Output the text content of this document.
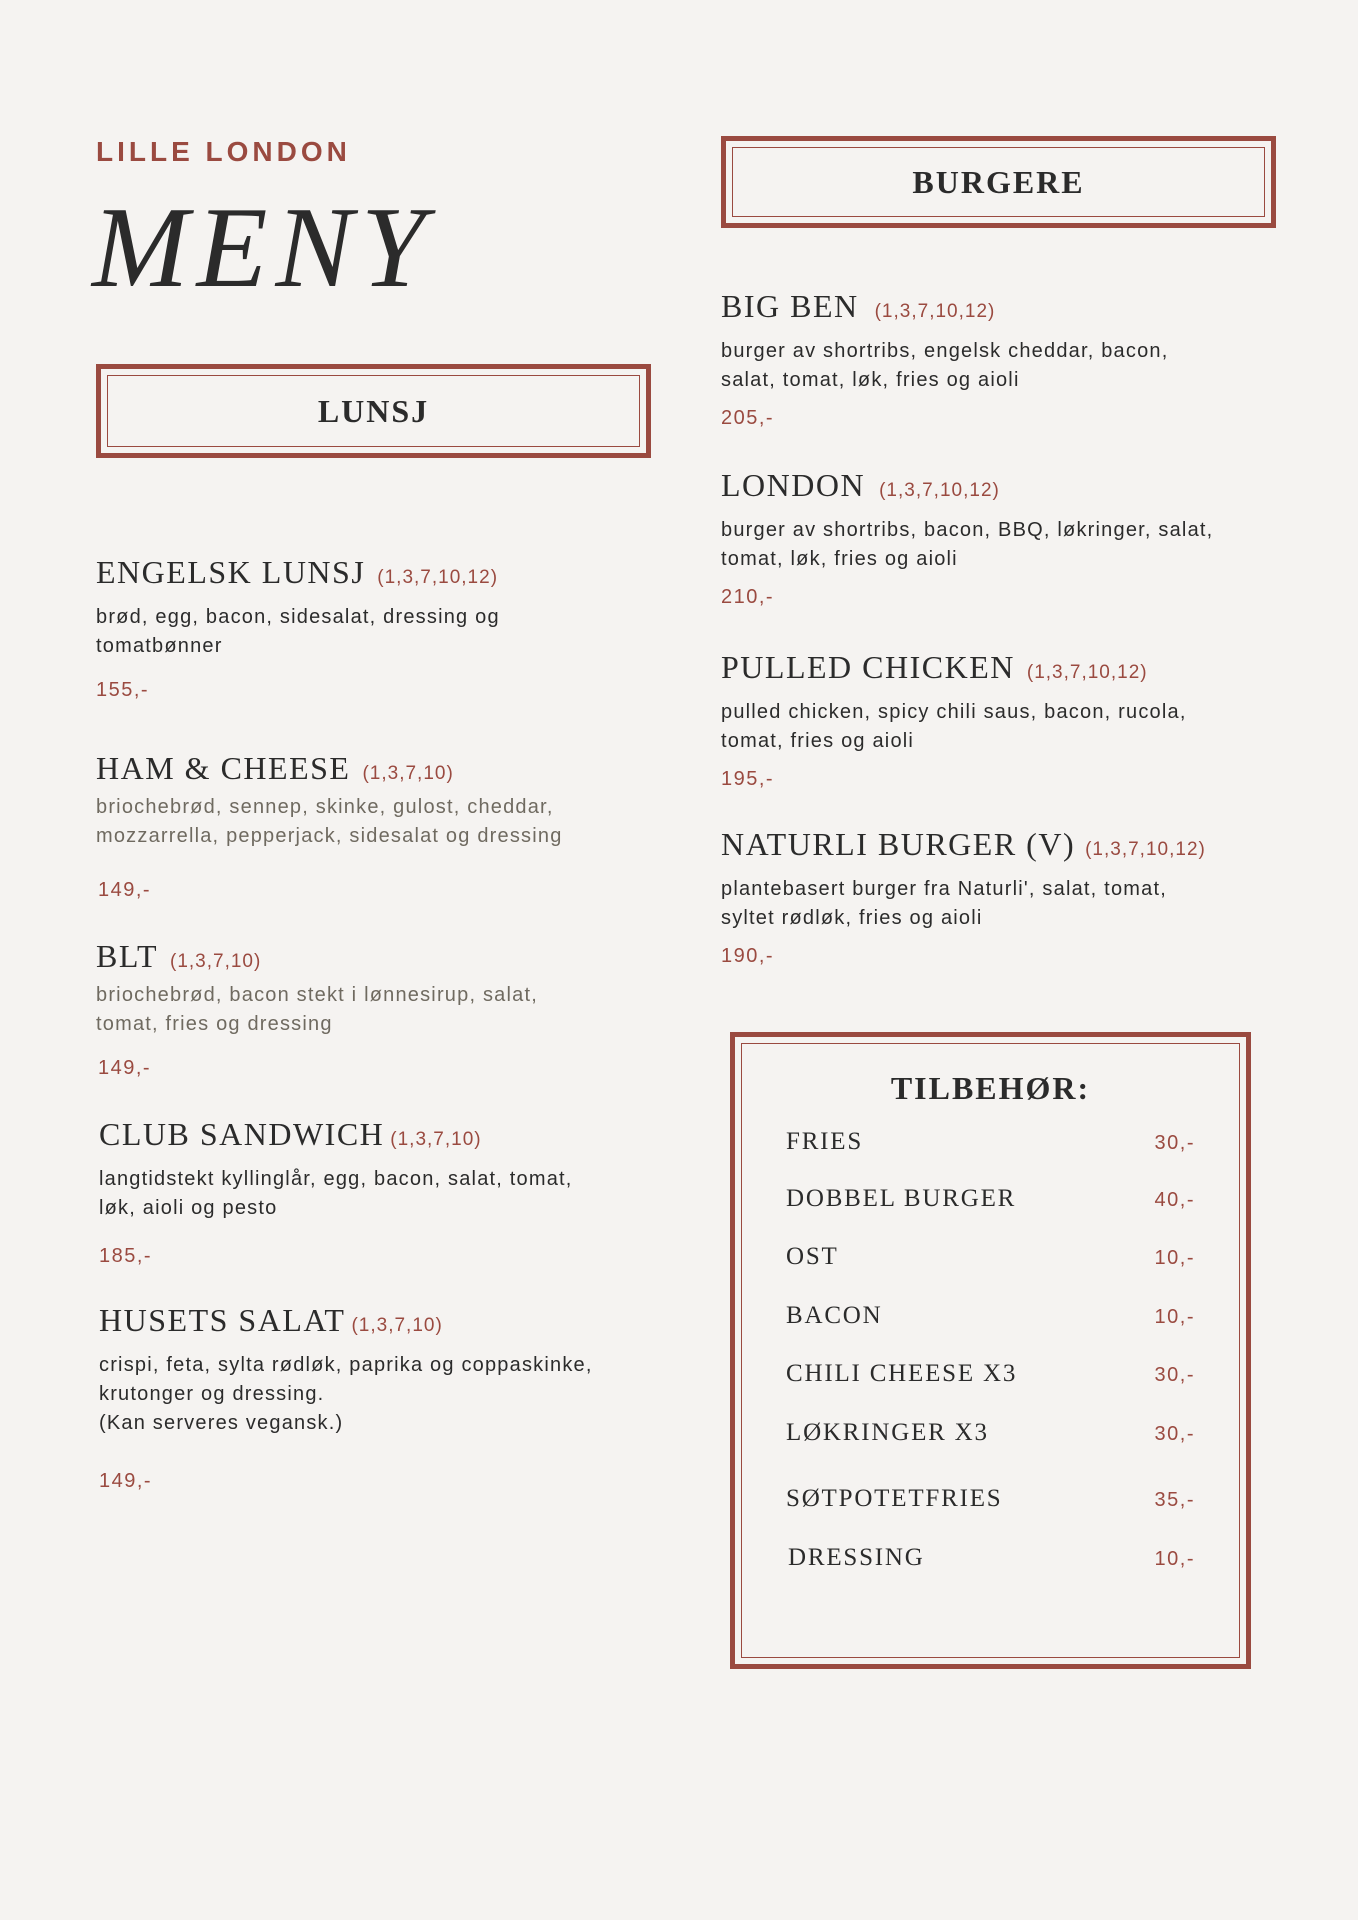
LILLE LONDON
MENY
LUNSJ
ENGELSK LUNSJ (1,3,7,10,12)
brød, egg, bacon, sidesalat, dressing og
tomatbønner
155,-
HAM & CHEESE (1,3,7,10)
briochebrød, sennep, skinke, gulost, cheddar,
mozzarrella, pepperjack, sidesalat og dressing
149,-
BLT (1,3,7,10)
briochebrød, bacon stekt i lønnesirup, salat,
tomat, fries og dressing
149,-
CLUB SANDWICH (1,3,7,10)
langtidstekt kyllinglår, egg, bacon, salat, tomat,
løk, aioli og pesto
185,-
HUSETS SALAT (1,3,7,10)
crispi, feta, sylta rødløk, paprika og coppaskinke,
krutonger og dressing.
(Kan serveres vegansk.)
149,-
BURGERE
BIG BEN (1,3,7,10,12)
burger av shortribs, engelsk cheddar, bacon,
salat, tomat, løk, fries og aioli
205,-
LONDON (1,3,7,10,12)
burger av shortribs, bacon, BBQ, løkringer, salat,
tomat, løk, fries og aioli
210,-
PULLED CHICKEN (1,3,7,10,12)
pulled chicken, spicy chili saus, bacon, rucola,
tomat, fries og aioli
195,-
NATURLI BURGER (V) (1,3,7,10,12)
plantebasert burger fra Naturli', salat, tomat,
syltet rødløk, fries og aioli
190,-
TILBEHØR:
FRIES	30,-
DOBBEL BURGER	40,-
OST	10,-
BACON	10,-
CHILI CHEESE X3	30,-
LØKRINGER X3	30,-
SØTPOTETFRIES	35,-
DRESSING	10,-
